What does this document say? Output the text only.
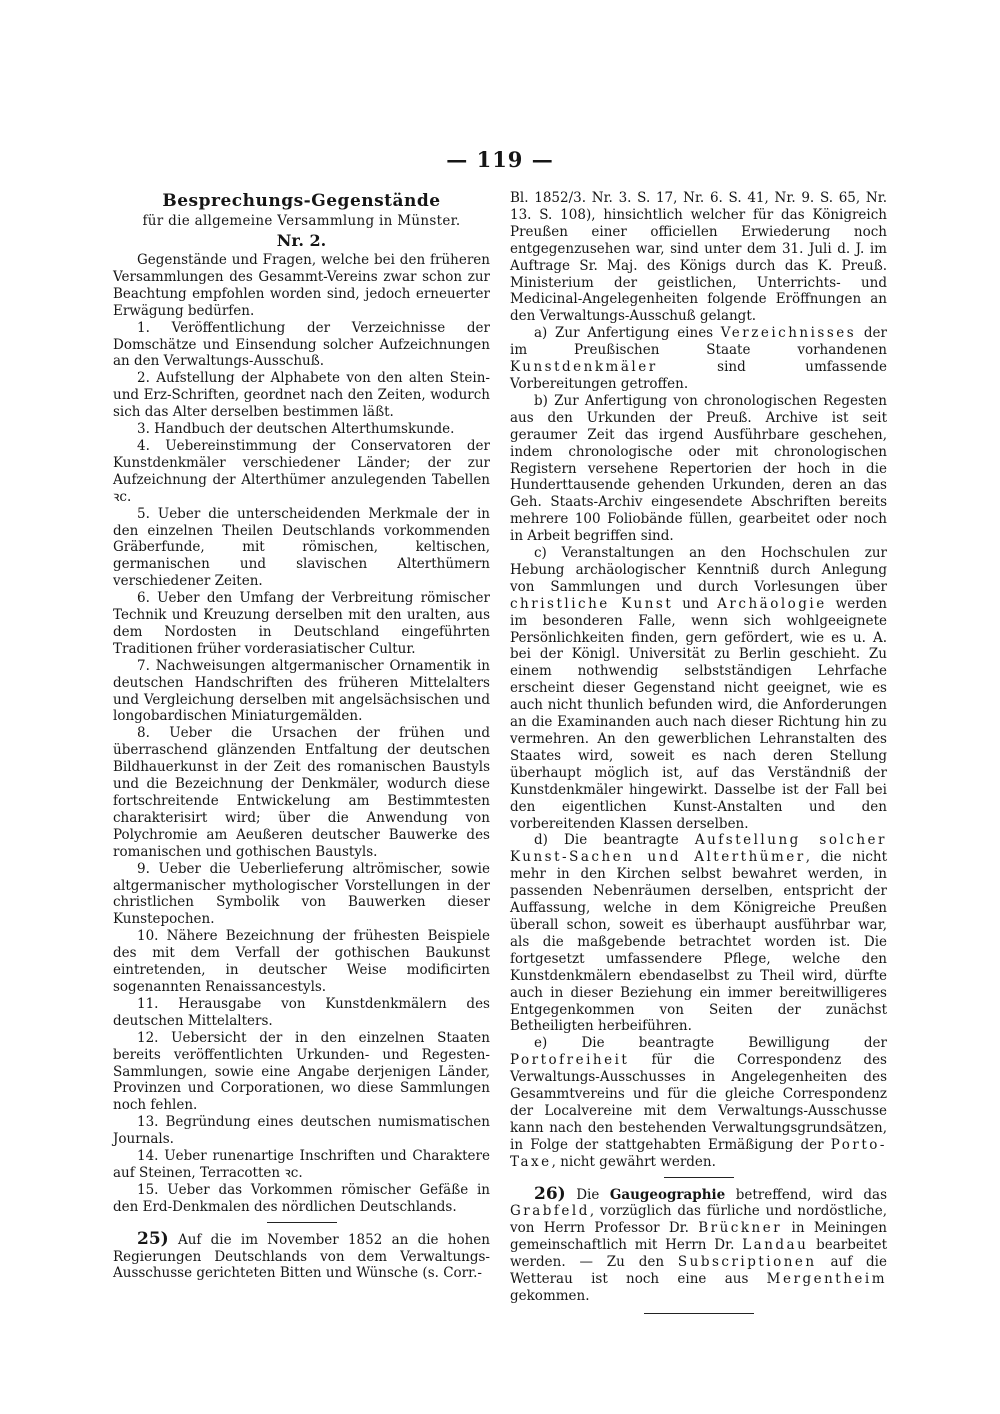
— 119 —

Besprechungs-Gegenstände

für die allgemeine Versammlung in Münster.

Nr. 2.

Gegenstände und Fragen, welche bei den früheren Versammlungen des Gesammt-Vereins zwar schon zur Beachtung empfohlen worden sind, jedoch erneuerter Erwägung bedürfen.

1. Veröffentlichung der Verzeichnisse der Domschätze und Einsendung solcher Aufzeichnungen an den Verwaltungs-Ausschuß.

2. Aufstellung der Alphabete von den alten Stein- und Erz-Schriften, geordnet nach den Zeiten, wodurch sich das Alter derselben bestimmen läßt.

3. Handbuch der deutschen Alterthumskunde.

4. Uebereinstimmung der Conservatoren der Kunstdenkmäler verschiedener Länder; der zur Aufzeichnung der Alterthümer anzulegenden Tabellen ꝛc.

5. Ueber die unterscheidenden Merkmale der in den einzelnen Theilen Deutschlands vorkommenden Gräberfunde, mit römischen, keltischen, germanischen und slavischen Alterthümern verschiedener Zeiten.

6. Ueber den Umfang der Verbreitung römischer Technik und Kreuzung derselben mit den uralten, aus dem Nordosten in Deutschland eingeführten Traditionen früher vorderasiatischer Cultur.

7. Nachweisungen altgermanischer Ornamentik in deutschen Handschriften des früheren Mittelalters und Vergleichung derselben mit angelsächsischen und longobardischen Miniaturgemälden.

8. Ueber die Ursachen der frühen und überraschend glänzenden Entfaltung der deutschen Bildhauerkunst in der Zeit des romanischen Baustyls und die Bezeichnung der Denkmäler, wodurch diese fortschreitende Entwickelung am Bestimmtesten charakterisirt wird; über die Anwendung von Polychromie am Aeußeren deutscher Bauwerke des romanischen und gothischen Baustyls.

9. Ueber die Ueberlieferung altrömischer, sowie altgermanischer mythologischer Vorstellungen in der christlichen Symbolik von Bauwerken dieser Kunstepochen.

10. Nähere Bezeichnung der frühesten Beispiele des mit dem Verfall der gothischen Baukunst eintretenden, in deutscher Weise modificirten sogenannten Renaissancestyls.

11. Herausgabe von Kunstdenkmälern des deutschen Mittelalters.

12. Uebersicht der in den einzelnen Staaten bereits veröffentlichten Urkunden- und Regesten-Sammlungen, sowie eine Angabe derjenigen Länder, Provinzen und Corporationen, wo diese Sammlungen noch fehlen.

13. Begründung eines deutschen numismatischen Journals.

14. Ueber runenartige Inschriften und Charaktere auf Steinen, Terracotten ꝛc.

15. Ueber das Vorkommen römischer Gefäße in den Erd-Denkmalen des nördlichen Deutschlands.

25) Auf die im November 1852 an die hohen Regierungen Deutschlands von dem Verwaltungs-Ausschusse gerichteten Bitten und Wünsche (s. Corr.-

Bl. 1852/3. Nr. 3. S. 17, Nr. 6. S. 41, Nr. 9. S. 65, Nr. 13. S. 108), hinsichtlich welcher für das Königreich Preußen einer officiellen Erwiederung noch entgegenzusehen war, sind unter dem 31. Juli d. J. im Auftrage Sr. Maj. des Königs durch das K. Preuß. Ministerium der geistlichen, Unterrichts- und Medicinal-Angelegenheiten folgende Eröffnungen an den Verwaltungs-Ausschuß gelangt.

a) Zur Anfertigung eines Verzeichnisses der im Preußischen Staate vorhandenen Kunstdenkmäler sind umfassende Vorbereitungen getroffen.

b) Zur Anfertigung von chronologischen Regesten aus den Urkunden der Preuß. Archive ist seit geraumer Zeit das irgend Ausführbare geschehen, indem chronologische oder mit chronologischen Registern versehene Repertorien der hoch in die Hunderttausende gehenden Urkunden, deren an das Geh. Staats-Archiv eingesendete Abschriften bereits mehrere 100 Foliobände füllen, gearbeitet oder noch in Arbeit begriffen sind.

c) Veranstaltungen an den Hochschulen zur Hebung archäologischer Kenntniß durch Anlegung von Sammlungen und durch Vorlesungen über christliche Kunst und Archäologie werden im besonderen Falle, wenn sich wohlgeeignete Persönlichkeiten finden, gern gefördert, wie es u. A. bei der Königl. Universität zu Berlin geschieht. Zu einem nothwendig selbstständigen Lehrfache erscheint dieser Gegenstand nicht geeignet, wie es auch nicht thunlich befunden wird, die Anforderungen an die Examinanden auch nach dieser Richtung hin zu vermehren. An den gewerblichen Lehranstalten des Staates wird, soweit es nach deren Stellung überhaupt möglich ist, auf das Verständniß der Kunstdenkmäler hingewirkt. Dasselbe ist der Fall bei den eigentlichen Kunst-Anstalten und den vorbereitenden Klassen derselben.

d) Die beantragte Aufstellung solcher Kunst-Sachen und Alterthümer, die nicht mehr in den Kirchen selbst bewahret werden, in passenden Nebenräumen derselben, entspricht der Auffassung, welche in dem Königreiche Preußen überall schon, soweit es überhaupt ausführbar war, als die maßgebende betrachtet worden ist. Die fortgesetzt umfassendere Pflege, welche den Kunstdenkmälern ebendaselbst zu Theil wird, dürfte auch in dieser Beziehung ein immer bereitwilligeres Entgegenkommen von Seiten der zunächst Betheiligten herbeiführen.

e) Die beantragte Bewilligung der Portofreiheit für die Correspondenz des Verwaltungs-Ausschusses in Angelegenheiten des Gesammtvereins und für die gleiche Correspondenz der Localvereine mit dem Verwaltungs-Ausschusse kann nach den bestehenden Verwaltungsgrundsätzen, in Folge der stattgehabten Ermäßigung der Porto-Taxe, nicht gewährt werden.

26) Die Gaugeographie betreffend, wird das Grabfeld, vorzüglich das fürliche und nordöstliche, von Herrn Professor Dr. Brückner in Meiningen gemeinschaftlich mit Herrn Dr. Landau bearbeitet werden. — Zu den Subscriptionen auf die Wetterau ist noch eine aus Mergentheim gekommen.
